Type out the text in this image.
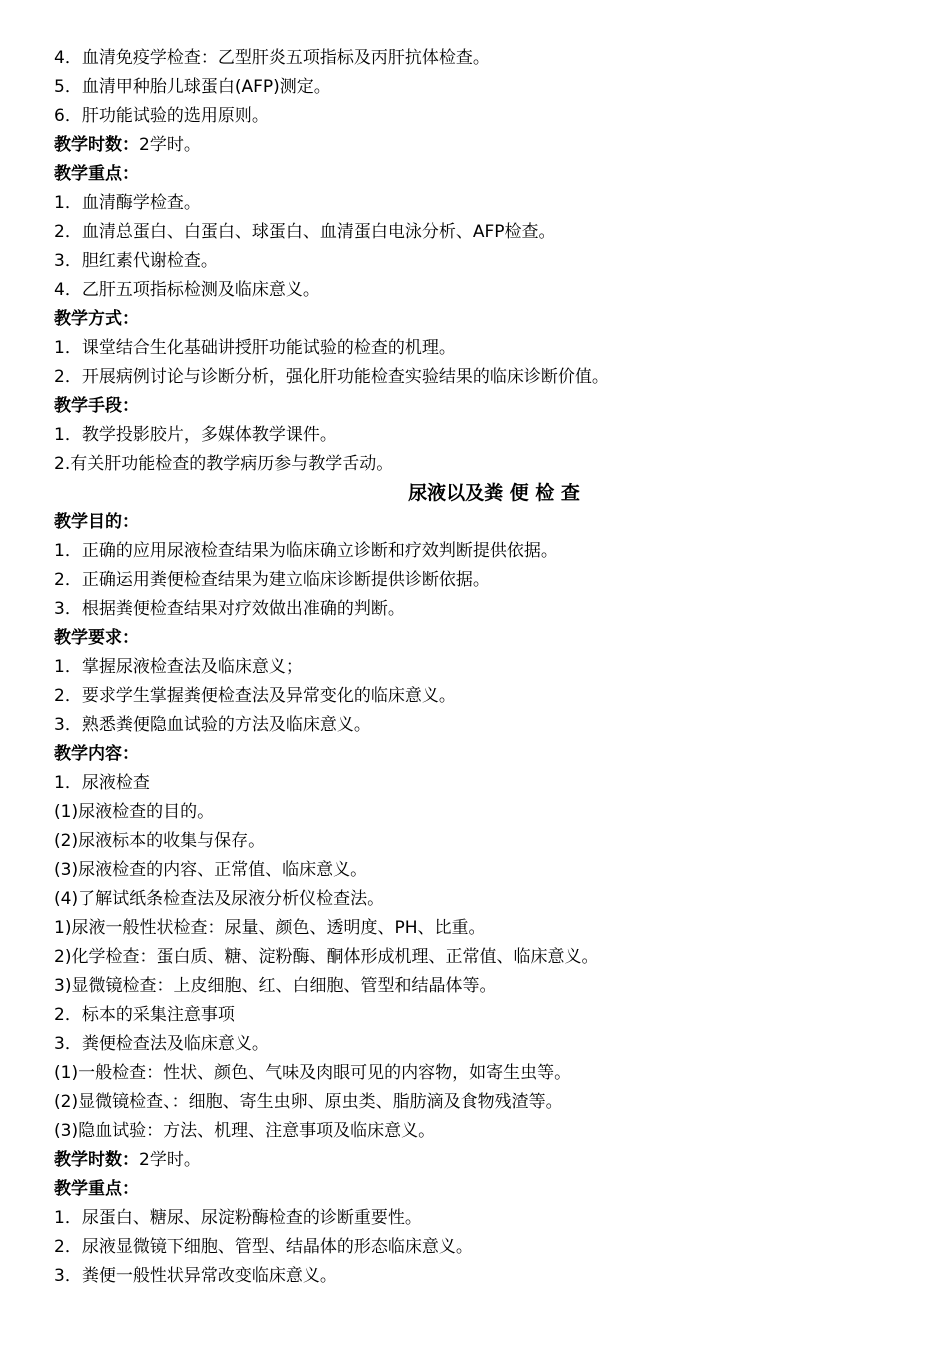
4．血清免疫学检查：乙型肝炎五项指标及丙肝抗体检查。
5．血清甲种胎儿球蛋白(AFP)测定。
6．肝功能试验的选用原则。
教学时数：2学时。
教学重点：
1．血清酶学检查。
2．血清总蛋白、白蛋白、球蛋白、血清蛋白电泳分析、AFP检查。
3．胆红素代谢检查。
4．乙肝五项指标检测及临床意义。
教学方式：
1．课堂结合生化基础讲授肝功能试验的检查的机理。
2．开展病例讨论与诊断分析，强化肝功能检查实验结果的临床诊断价值。
教学手段：
1．教学投影胶片，多媒体教学课件。
2.有关肝功能检查的教学病历参与教学舌动。
尿液以及粪 便 检 查
教学目的：
1．正确的应用尿液检查结果为临床确立诊断和疗效判断提供依据。
2．正确运用粪便检查结果为建立临床诊断提供诊断依据。
3．根据粪便检查结果对疗效做出准确的判断。
教学要求：
1．掌握尿液检查法及临床意义；
2．要求学生掌握粪便检查法及异常变化的临床意义。
3．熟悉粪便隐血试验的方法及临床意义。
教学内容：
1．尿液检查
(1)尿液检查的目的。
(2)尿液标本的收集与保存。
(3)尿液检查的内容、正常值、临床意义。
(4)了解试纸条检查法及尿液分析仪检查法。
1)尿液一般性状检查：尿量、颜色、透明度、PH、比重。
2)化学检查：蛋白质、糖、淀粉酶、酮体形成机理、正常值、临床意义。
3)显微镜检查：上皮细胞、红、白细胞、管型和结晶体等。
2．标本的采集注意事项
3．粪便检查法及临床意义。
(1)一般检查：性状、颜色、气味及肉眼可见的内容物，如寄生虫等。
(2)显微镜检查、：细胞、寄生虫卵、原虫类、脂肪滴及食物残渣等。
(3)隐血试验：方法、机理、注意事项及临床意义。
教学时数：2学时。
教学重点：
1．尿蛋白、糖尿、尿淀粉酶检查的诊断重要性。
2．尿液显微镜下细胞、管型、结晶体的形态临床意义。
3．粪便一般性状异常改变临床意义。
